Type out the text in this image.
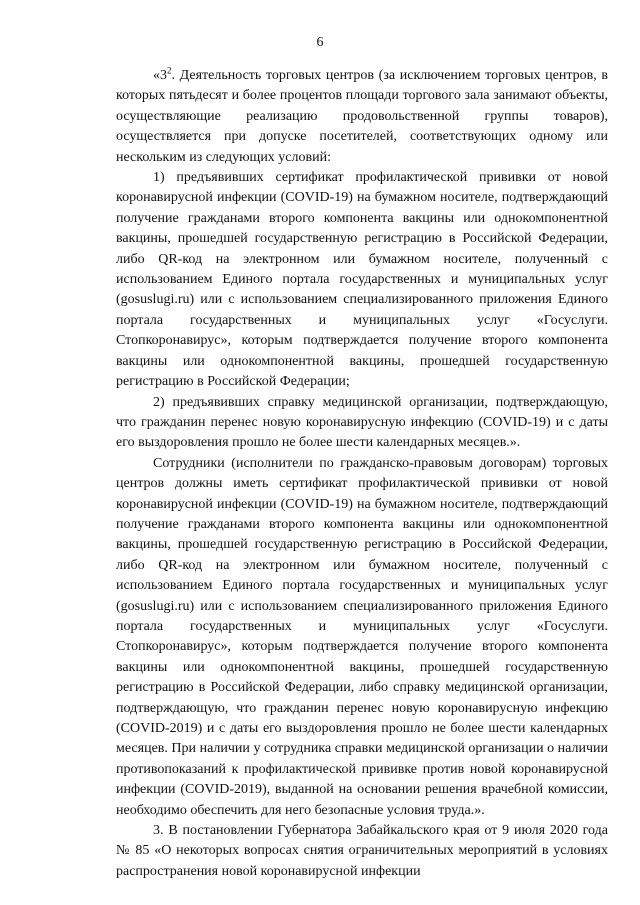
6

«$3^2$. Деятельность торговых центров (за исключением торговых центров, в которых пятьдесят и более процентов площади торгового зала занимают объекты, осуществляющие реализацию продовольственной группы товаров), осуществляется при допуске посетителей, соответствующих одному или нескольким из следующих условий:

1) предъявивших сертификат профилактической прививки от новой коронавирусной инфекции (COVID-19) на бумажном носителе, подтверждающий получение гражданами второго компонента вакцины или однокомпонентной вакцины, прошедшей государственную регистрацию в Российской Федерации, либо QR-код на электронном или бумажном носителе, полученный с использованием Единого портала государственных и муниципальных услуг (gosuslugi.ru) или с использованием специализированного приложения Единого портала государственных и муниципальных услуг «Госуслуги. Стопкоронавирус», которым подтверждается получение второго компонента вакцины или однокомпонентной вакцины, прошедшей государственную регистрацию в Российской Федерации;

2) предъявивших справку медицинской организации, подтверждающую, что гражданин перенес новую коронавирусную инфекцию (COVID-19) и с даты его выздоровления прошло не более шести календарных месяцев.».

Сотрудники (исполнители по гражданско-правовым договорам) торговых центров должны иметь сертификат профилактической прививки от новой коронавирусной инфекции (COVID-19) на бумажном носителе, подтверждающий получение гражданами второго компонента вакцины или однокомпонентной вакцины, прошедшей государственную регистрацию в Российской Федерации, либо QR-код на электронном или бумажном носителе, полученный с использованием Единого портала государственных и муниципальных услуг (gosuslugi.ru) или с использованием специализированного приложения Единого портала государственных и муниципальных услуг «Госуслуги. Стопкоронавирус», которым подтверждается получение второго компонента вакцины или однокомпонентной вакцины, прошедшей государственную регистрацию в Российской Федерации, либо справку медицинской организации, подтверждающую, что гражданин перенес новую коронавирусную инфекцию (COVID-2019) и с даты его выздоровления прошло не более шести календарных месяцев. При наличии у сотрудника справки медицинской организации о наличии противопоказаний к профилактической прививке против новой коронавирусной инфекции (COVID-2019), выданной на основании решения врачебной комиссии, необходимо обеспечить для него безопасные условия труда.».

3. В постановлении Губернатора Забайкальского края от 9 июля 2020 года № 85 «О некоторых вопросах снятия ограничительных мероприятий в условиях распространения новой коронавирусной инфекции
